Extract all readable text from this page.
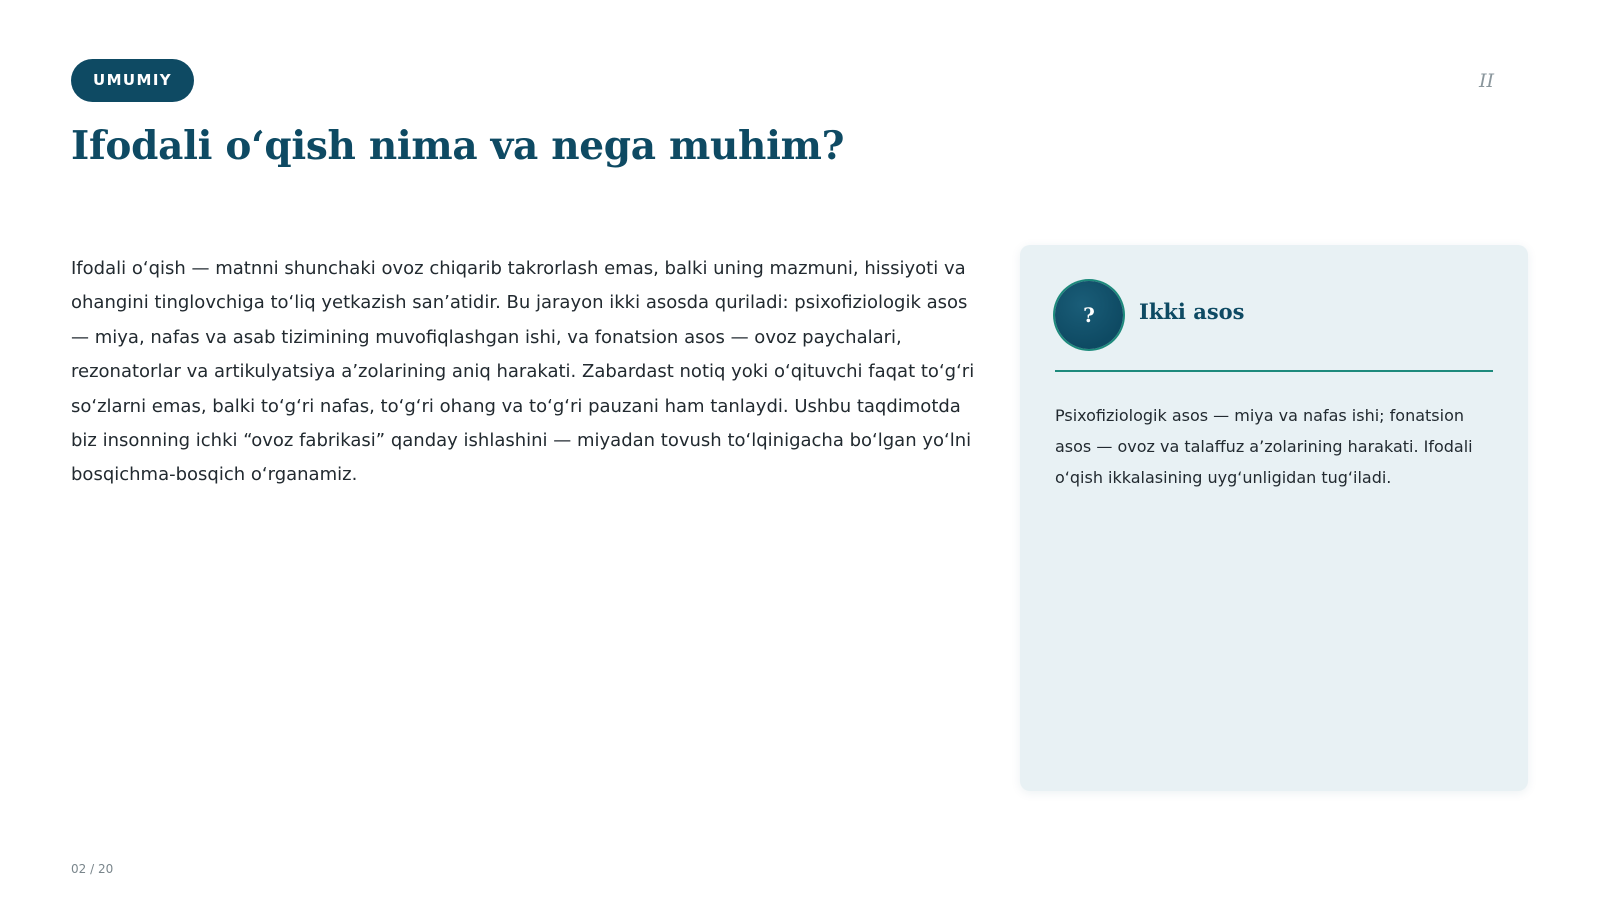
UMUMIY	II
Ifodali o‘qish nima va nega muhim?

Ifodali o‘qish — matnni shunchaki ovoz chiqarib takrorlash emas, balki uning mazmuni, hissiyoti va ohangini tinglovchiga to‘liq yetkazish san’atidir. Bu jarayon ikki asosda quriladi: psixofiziologik asos — miya, nafas va asab tizimining muvofiqlashgan ishi, va fonatsion asos — ovoz paychalari, rezonatorlar va artikulyatsiya a’zolarining aniq harakati. Zabardast notiq yoki o‘qituvchi faqat to‘g‘ri so‘zlarni emas, balki to‘g‘ri nafas, to‘g‘ri ohang va to‘g‘ri pauzani ham tanlaydi. Ushbu taqdimotda biz insonning ichki “ovoz fabrikasi” qanday ishlashini — miyadan tovush to‘lqinigacha bo‘lgan yo‘lni bosqichma-bosqich o‘rganamiz.

?	Ikki asos

Psixofiziologik asos — miya va nafas ishi; fonatsion asos — ovoz va talaffuz a’zolarining harakati. Ifodali o‘qish ikkalasining uyg‘unligidan tug‘iladi.

02 / 20
